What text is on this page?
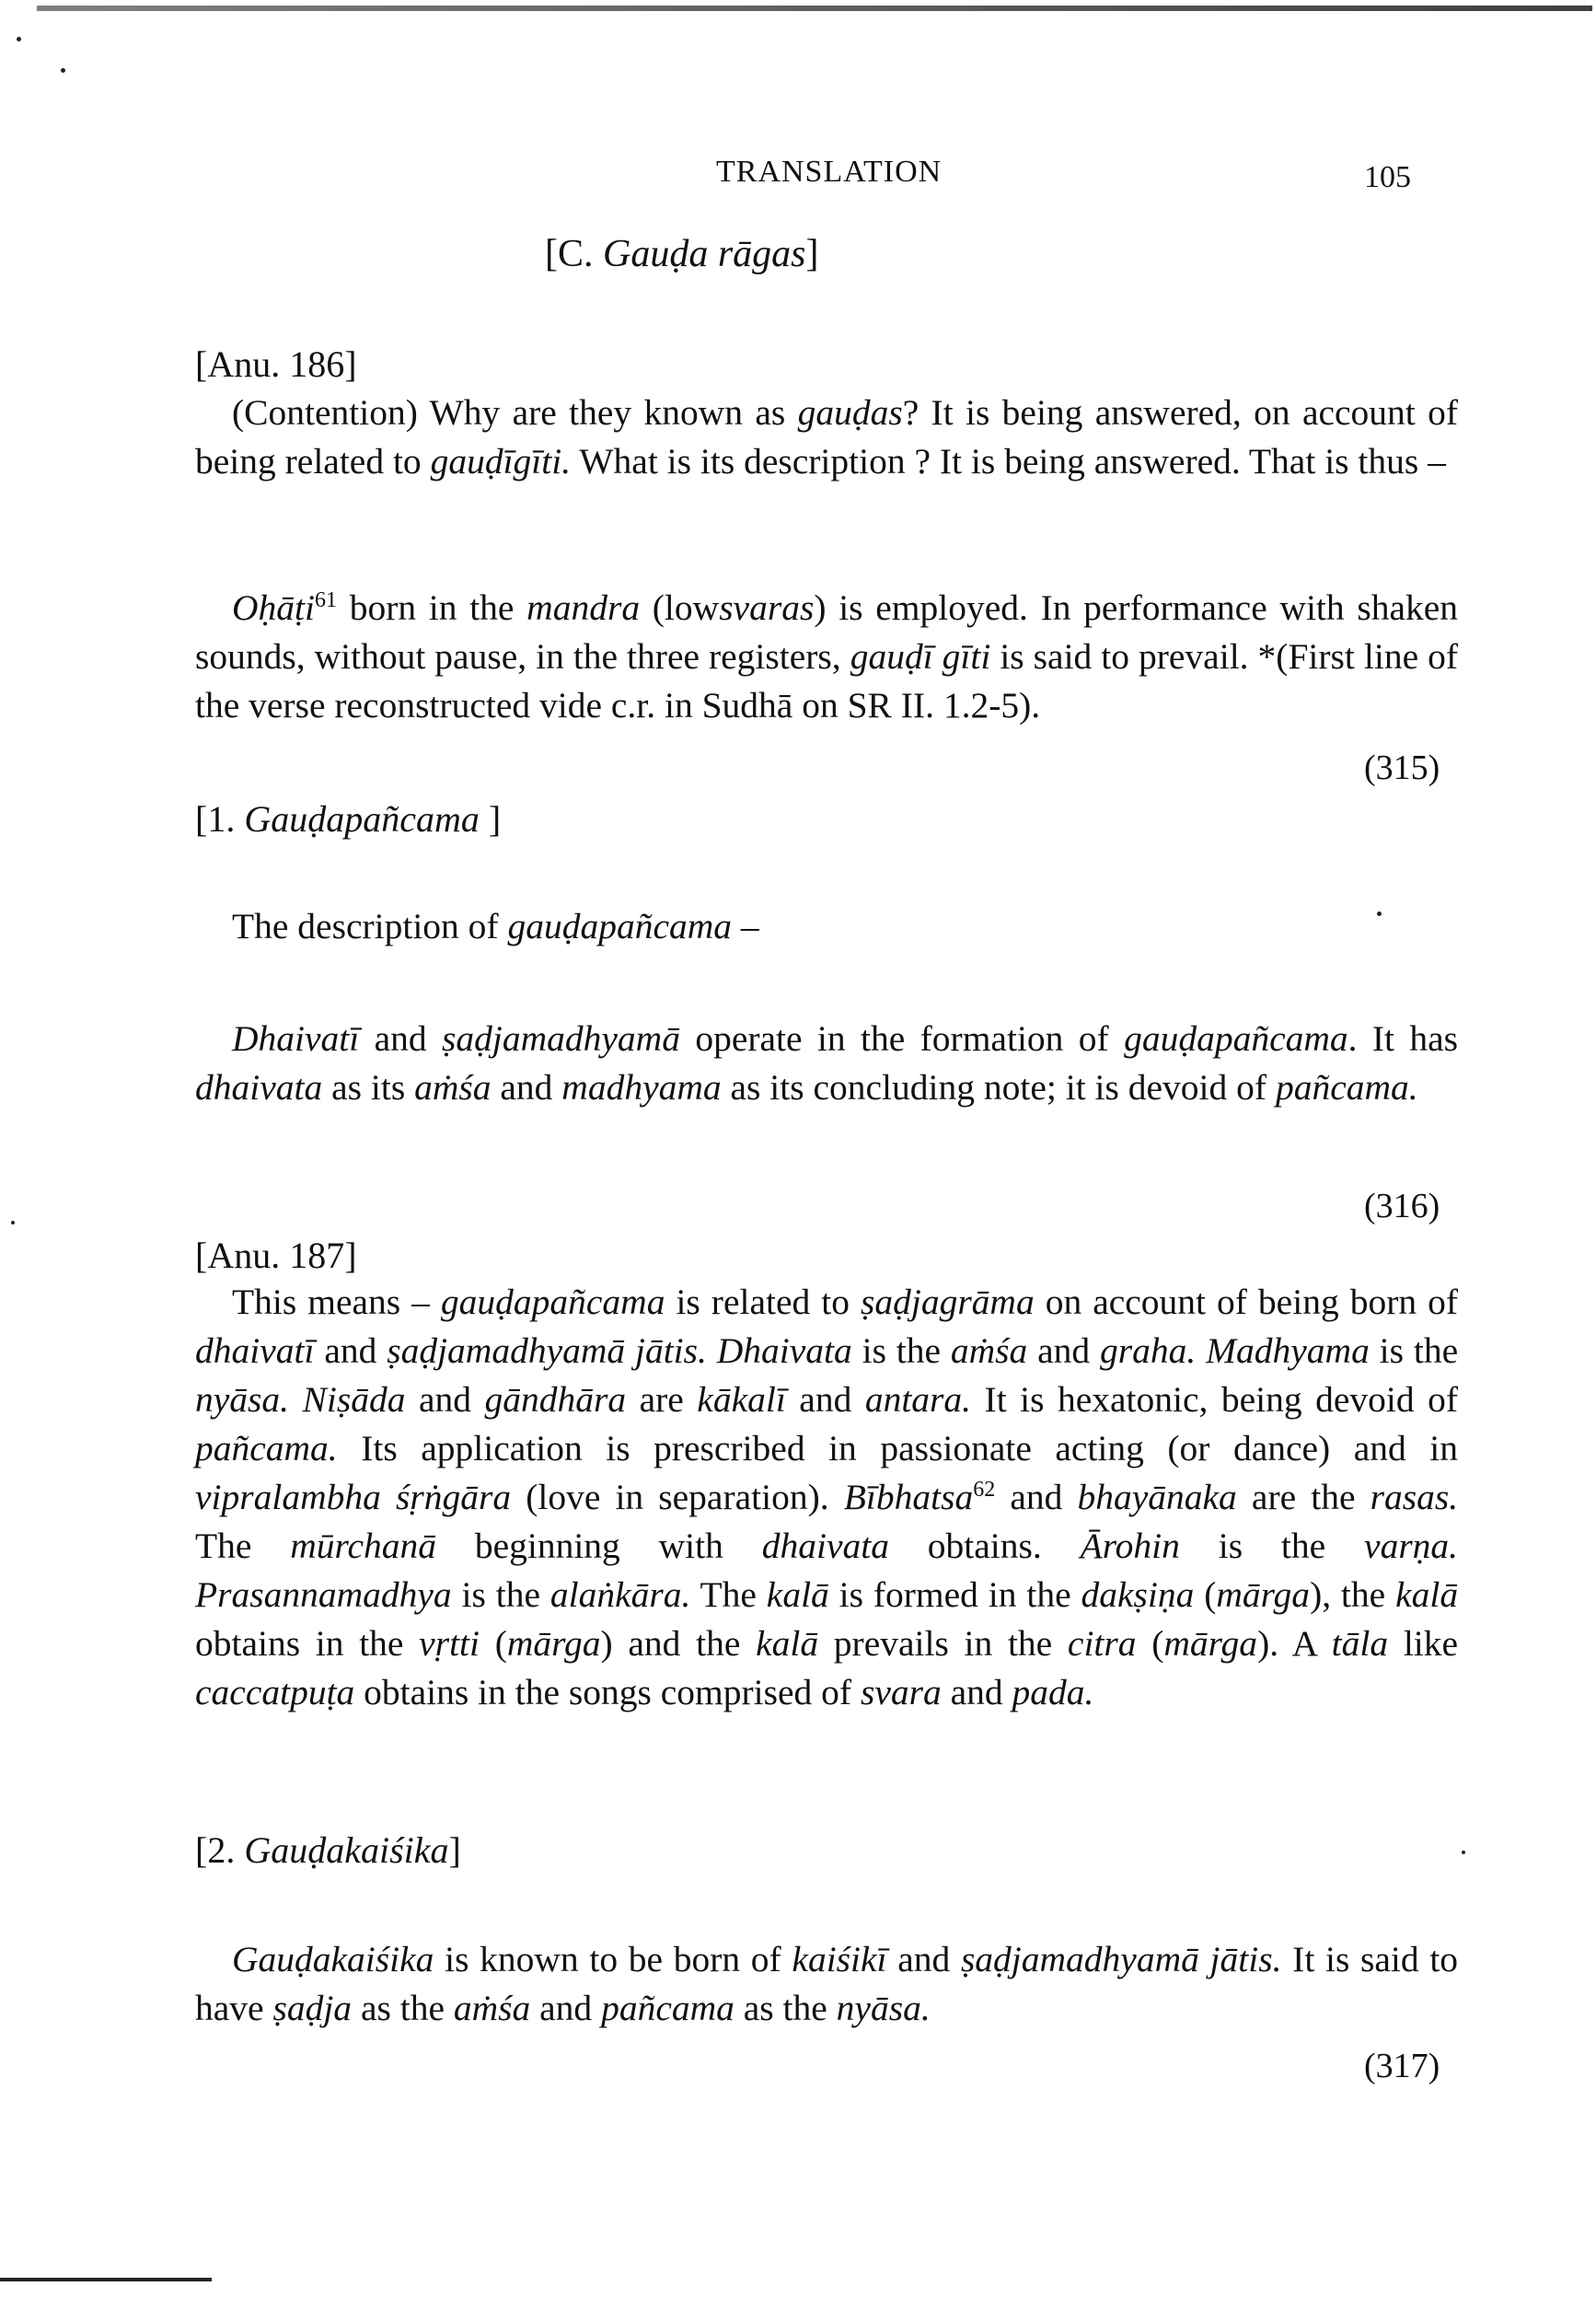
TRANSLATION	105
[C. Gauḍa rāgas]
[Anu. 186]

(Contention) Why are they known as gauḍas? It is being answered, on account of being related to gauḍīgīti. What is its description ? It is being answered. That is thus –

Oḥāṭi$^{61}$ born in the mandra (lowsvaras) is employed. In performance with shaken sounds, without pause, in the three registers, gauḍī gīti is said to prevail. *(First line of the verse reconstructed vide c.r. in Sudhā on SR II. 1.2-5).

(315)
[1. Gauḍapañcama ]

The description of gauḍapañcama –

Dhaivatī and ṣaḍjamadhyamā operate in the formation of gauḍapañcama. It has dhaivata as its aṁśa and madhyama as its concluding note; it is devoid of pañcama.

(316)
[Anu. 187]

This means – gauḍapañcama is related to ṣaḍjagrāma on account of being born of dhaivatī and ṣaḍjamadhyamā jātis. Dhaivata is the aṁśa and graha. Madhyama is the nyāsa. Niṣāda and gāndhāra are kākalī and antara. It is hexatonic, being devoid of pañcama. Its application is prescribed in passionate acting (or dance) and in vipralambha śṛṅgāra (love in separation). Bībhatsa$^{62}$ and bhayānaka are the rasas. The mūrchanā beginning with dhaivata obtains. Ārohin is the varṇa. Prasannamadhya is the alaṅkāra. The kalā is formed in the dakṣiṇa (mārga), the kalā obtains in the vṛtti (mārga) and the kalā prevails in the citra (mārga). A tāla like caccatpuṭa obtains in the songs comprised of svara and pada.

[2. Gauḍakaiśika]

Gauḍakaiśika is known to be born of kaiśikī and ṣaḍjamadhyamā jātis. It is said to have ṣaḍja as the aṁśa and pañcama as the nyāsa.

(317)
